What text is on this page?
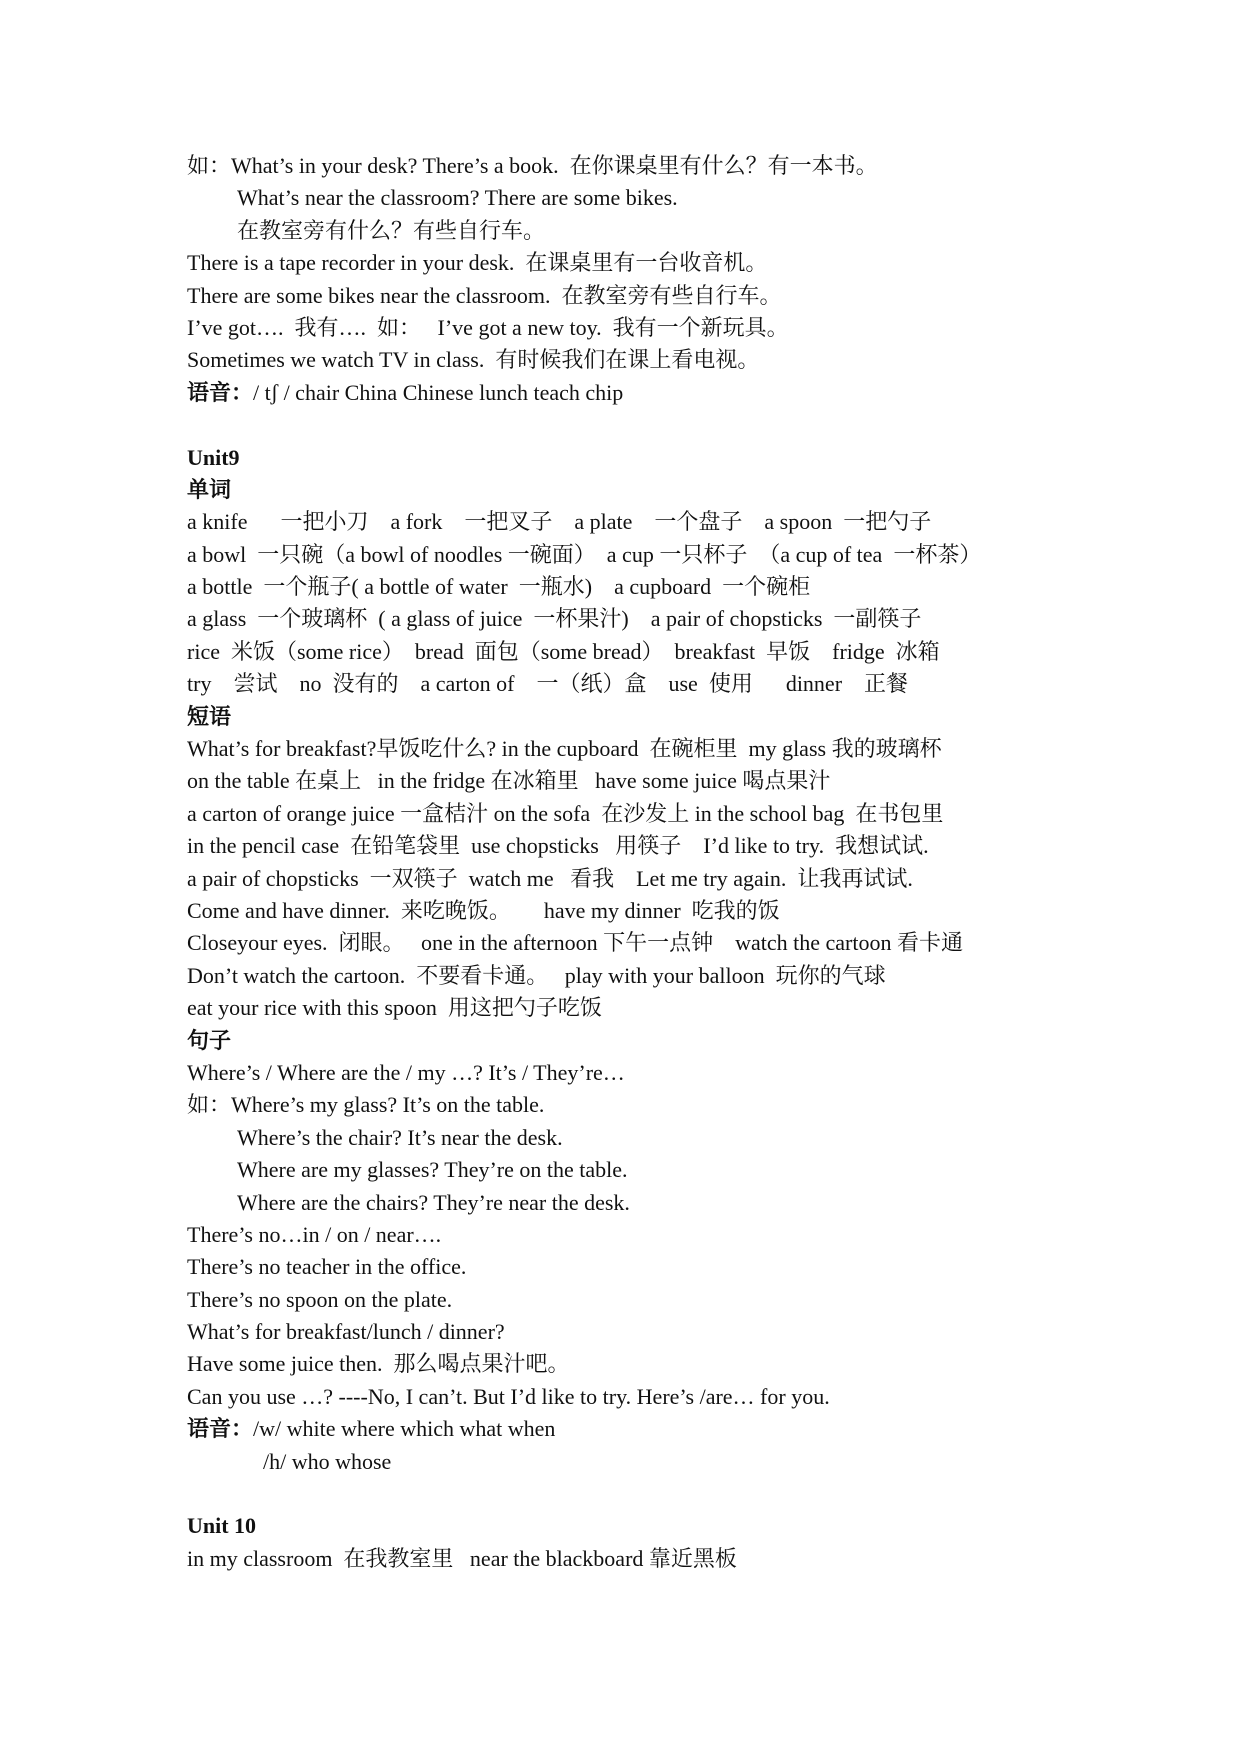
如：What’s in your desk? There’s a book.  在你课桌里有什么？有一本书。
What’s near the classroom? There are some bikes.
在教室旁有什么？有些自行车。
There is a tape recorder in your desk.  在课桌里有一台收音机。
There are some bikes near the classroom.  在教室旁有些自行车。
I’ve got….  我有….  如：   I’ve got a new toy.  我有一个新玩具。
Sometimes we watch TV in class.  有时候我们在课上看电视。
语音：/ tʃ / chair China Chinese lunch teach chip
Unit9
单词
a knife      一把小刀    a fork    一把叉子    a plate    一个盘子    a spoon  一把勺子
a bowl  一只碗（a bowl of noodles 一碗面）  a cup 一只杯子  （a cup of tea  一杯茶）
a bottle  一个瓶子( a bottle of water  一瓶水)    a cupboard  一个碗柜
a glass  一个玻璃杯  ( a glass of juice  一杯果汁)    a pair of chopsticks  一副筷子
rice  米饭（some rice）  bread  面包（some bread）  breakfast  早饭    fridge  冰箱
try    尝试    no  没有的    a carton of    一（纸）盒    use  使用      dinner    正餐
短语
What’s for breakfast?早饭吃什么? in the cupboard  在碗柜里  my glass 我的玻璃杯
on the table 在桌上   in the fridge 在冰箱里   have some juice 喝点果汁
a carton of orange juice 一盒桔汁 on the sofa  在沙发上 in the school bag  在书包里
in the pencil case  在铅笔袋里  use chopsticks   用筷子    I’d like to try.  我想试试.
a pair of chopsticks  一双筷子  watch me   看我    Let me try again.  让我再试试.
Come and have dinner.  来吃晚饭。      have my dinner  吃我的饭
Closeyour eyes.  闭眼。   one in the afternoon 下午一点钟    watch the cartoon 看卡通
Don’t watch the cartoon.  不要看卡通。   play with your balloon  玩你的气球
eat your rice with this spoon  用这把勺子吃饭
句子
Where’s / Where are the / my …? It’s / They’re…
如：Where’s my glass? It’s on the table.
Where’s the chair? It’s near the desk.
Where are my glasses? They’re on the table.
Where are the chairs? They’re near the desk.
There’s no…in / on / near….
There’s no teacher in the office.
There’s no spoon on the plate.
What’s for breakfast/lunch / dinner?
Have some juice then.  那么喝点果汁吧。
Can you use …? ----No, I can’t. But I’d like to try. Here’s /are… for you.
语音：/w/ white where which what when
/h/ who whose
Unit 10
in my classroom  在我教室里   near the blackboard 靠近黑板
